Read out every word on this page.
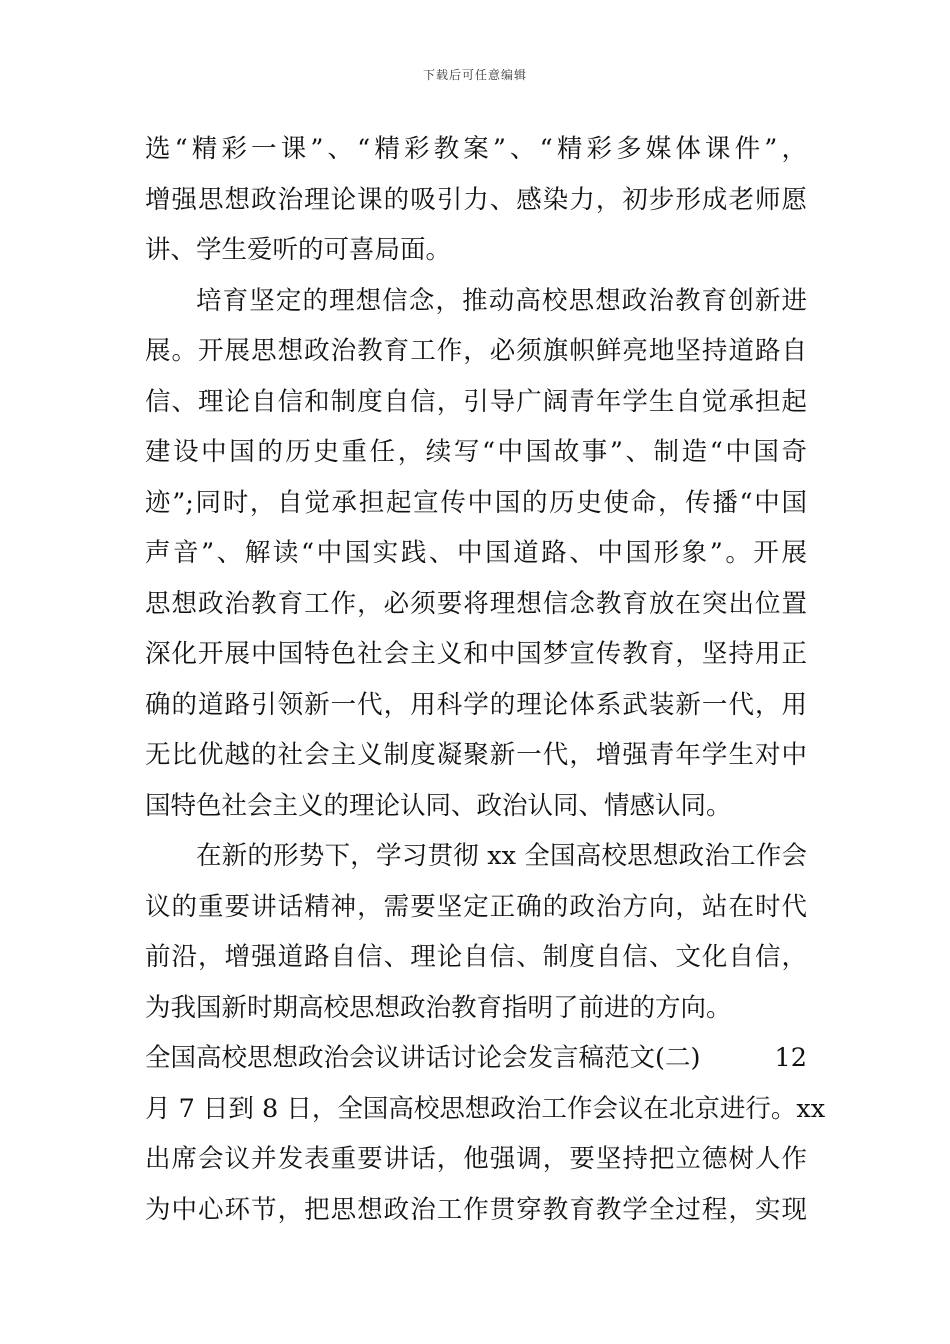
下载后可任意编辑
选“精彩一课”、“精彩教案”、“精彩多媒体课件”，
增强思想政治理论课的吸引力、感染力，初步形成老师愿
讲、学生爱听的可喜局面。
培育坚定的理想信念，推动高校思想政治教育创新进
展。开展思想政治教育工作，必须旗帜鲜亮地坚持道路自
信、理论自信和制度自信，引导广阔青年学生自觉承担起
建设中国的历史重任，续写“中国故事”、制造“中国奇
迹”;同时，自觉承担起宣传中国的历史使命，传播“中国
声音”、解读“中国实践、中国道路、中国形象”。开展
思想政治教育工作，必须要将理想信念教育放在突出位置
深化开展中国特色社会主义和中国梦宣传教育，坚持用正
确的道路引领新一代，用科学的理论体系武装新一代，用
无比优越的社会主义制度凝聚新一代，增强青年学生对中
国特色社会主义的理论认同、政治认同、情感认同。
在新的形势下，学习贯彻 xx 全国高校思想政治工作会
议的重要讲话精神，需要坚定正确的政治方向，站在时代
前沿，增强道路自信、理论自信、制度自信、文化自信，
为我国新时期高校思想政治教育指明了前进的方向。
全国高校思想政治会议讲话讨论会发言稿范文(二)	12
月 7 日到 8 日，全国高校思想政治工作会议在北京进行。xx
出席会议并发表重要讲话，他强调，要坚持把立德树人作
为中心环节，把思想政治工作贯穿教育教学全过程，实现
